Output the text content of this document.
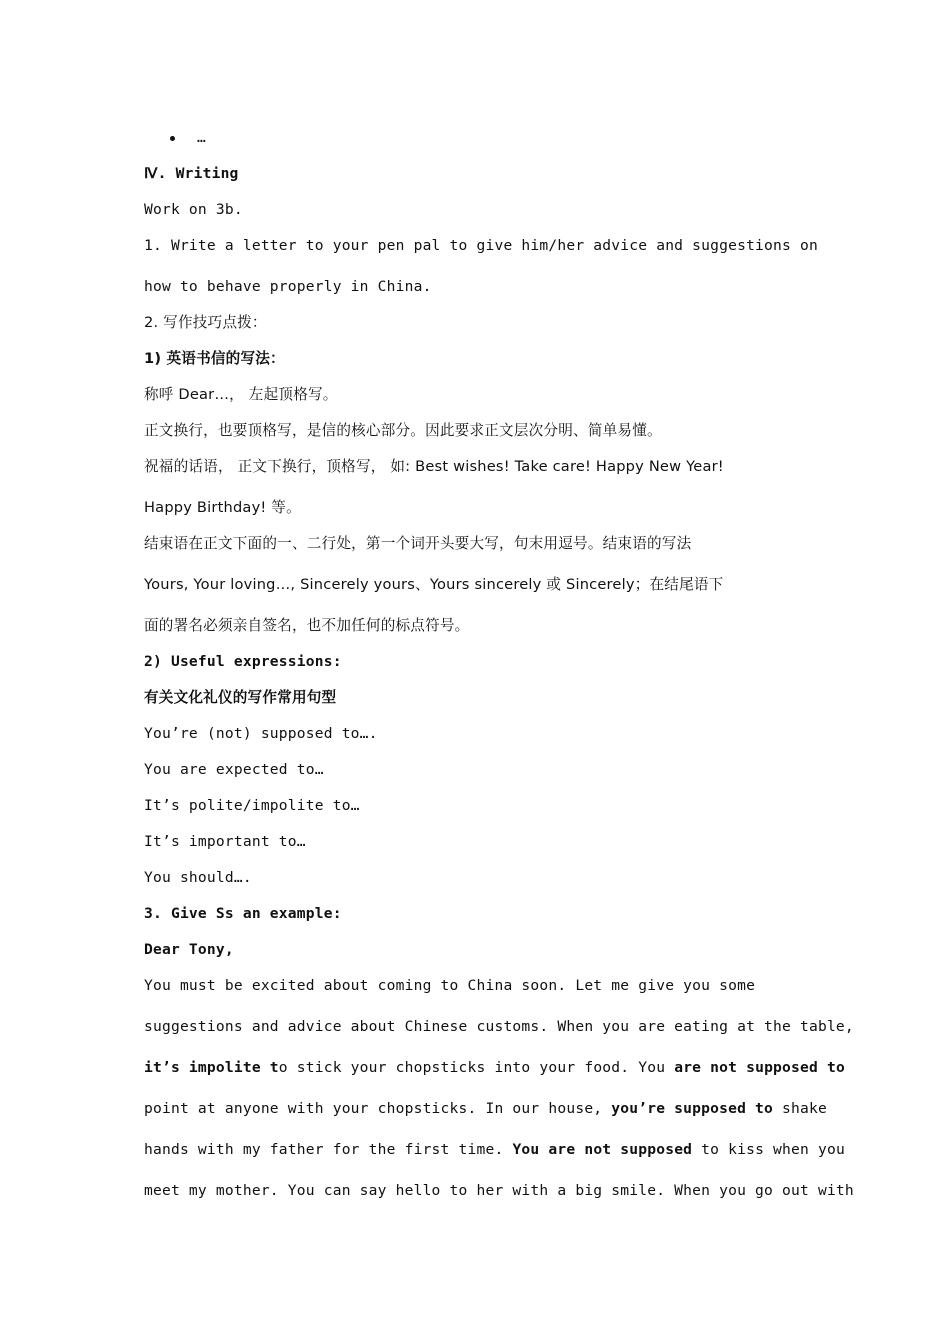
…
Ⅳ. Writing
Work on 3b.
1. Write a letter to your pen pal to give him/her advice and suggestions on
how to behave properly in China.
2. 写作技巧点拨：
1) 英语书信的写法：
称呼 Dear…， 左起顶格写。
正文换行，也要顶格写，是信的核心部分。因此要求正文层次分明、简单易懂。
祝福的话语， 正文下换行，顶格写， 如: Best wishes! Take care! Happy New Year!
Happy Birthday! 等。
结束语在正文下面的一、二行处，第一个词开头要大写，句末用逗号。结束语的写法
Yours, Your loving…, Sincerely yours、Yours sincerely 或 Sincerely；在结尾语下
面的署名必须亲自签名，也不加任何的标点符号。
2) Useful expressions:
有关文化礼仪的写作常用句型
You’re (not) supposed to….
You are expected to…
It’s polite/impolite to…
It’s important to…
You should….
3. Give Ss an example:
Dear Tony,
You must be excited about coming to China soon. Let me give you some
suggestions and advice about Chinese customs. When you are eating at the table,
it’s impolite to stick your chopsticks into your food. You are not supposed to
point at anyone with your chopsticks. In our house, you’re supposed to shake
hands with my father for the first time. You are not supposed to kiss when you
meet my mother. You can say hello to her with a big smile. When you go out with
